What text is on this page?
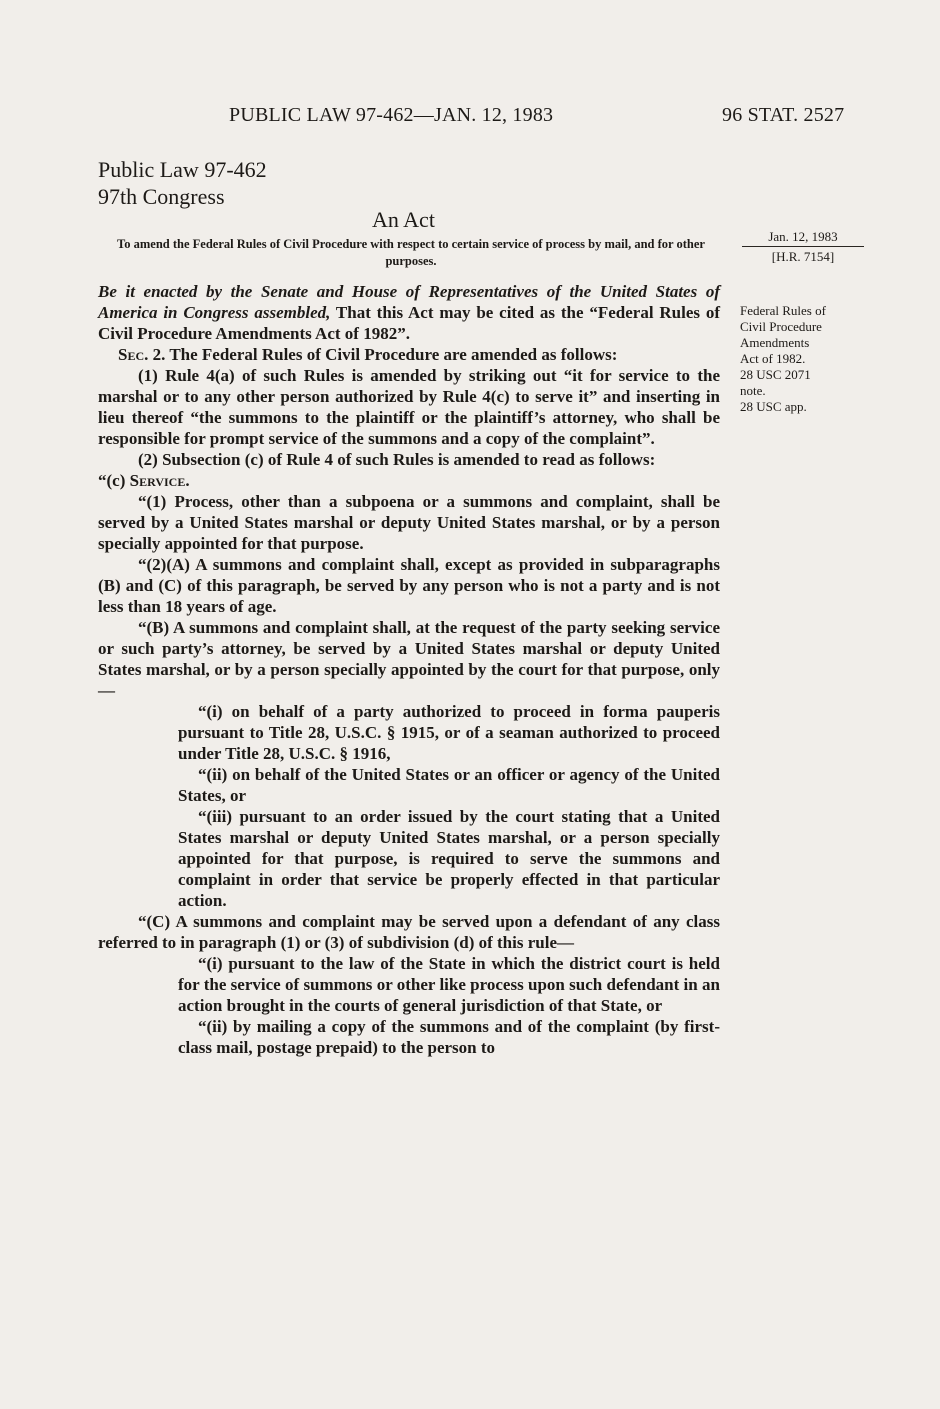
PUBLIC LAW 97-462—JAN. 12, 1983	96 STAT. 2527
Public Law 97-462
97th Congress
An Act
To amend the Federal Rules of Civil Procedure with respect to certain service of process by mail, and for other purposes.
Jan. 12, 1983
[H.R. 7154]
Federal Rules of
Civil Procedure
Amendments
Act of 1982.
28 USC 2071
note.
28 USC app.

Be it enacted by the Senate and House of Representatives of the United States of America in Congress assembled, That this Act may be cited as the “Federal Rules of Civil Procedure Amendments Act of 1982”.

Sec. 2. The Federal Rules of Civil Procedure are amended as follows:

(1) Rule 4(a) of such Rules is amended by striking out “it for service to the marshal or to any other person authorized by Rule 4(c) to serve it” and inserting in lieu thereof “the summons to the plaintiff or the plaintiff’s attorney, who shall be responsible for prompt service of the summons and a copy of the complaint”.

(2) Subsection (c) of Rule 4 of such Rules is amended to read as follows:

“(c) Service.

“(1) Process, other than a subpoena or a summons and complaint, shall be served by a United States marshal or deputy United States marshal, or by a person specially appointed for that purpose.

“(2)(A) A summons and complaint shall, except as provided in subparagraphs (B) and (C) of this paragraph, be served by any person who is not a party and is not less than 18 years of age.

“(B) A summons and complaint shall, at the request of the party seeking service or such party’s attorney, be served by a United States marshal or deputy United States marshal, or by a person specially appointed by the court for that purpose, only—

“(i) on behalf of a party authorized to proceed in forma pauperis pursuant to Title 28, U.S.C. § 1915, or of a seaman authorized to proceed under Title 28, U.S.C. § 1916,

“(ii) on behalf of the United States or an officer or agency of the United States, or

“(iii) pursuant to an order issued by the court stating that a United States marshal or deputy United States marshal, or a person specially appointed for that purpose, is required to serve the summons and complaint in order that service be properly effected in that particular action.

“(C) A summons and complaint may be served upon a defendant of any class referred to in paragraph (1) or (3) of subdivision (d) of this rule—

“(i) pursuant to the law of the State in which the district court is held for the service of summons or other like process upon such defendant in an action brought in the courts of general jurisdiction of that State, or

“(ii) by mailing a copy of the summons and of the complaint (by first-class mail, postage prepaid) to the person to
